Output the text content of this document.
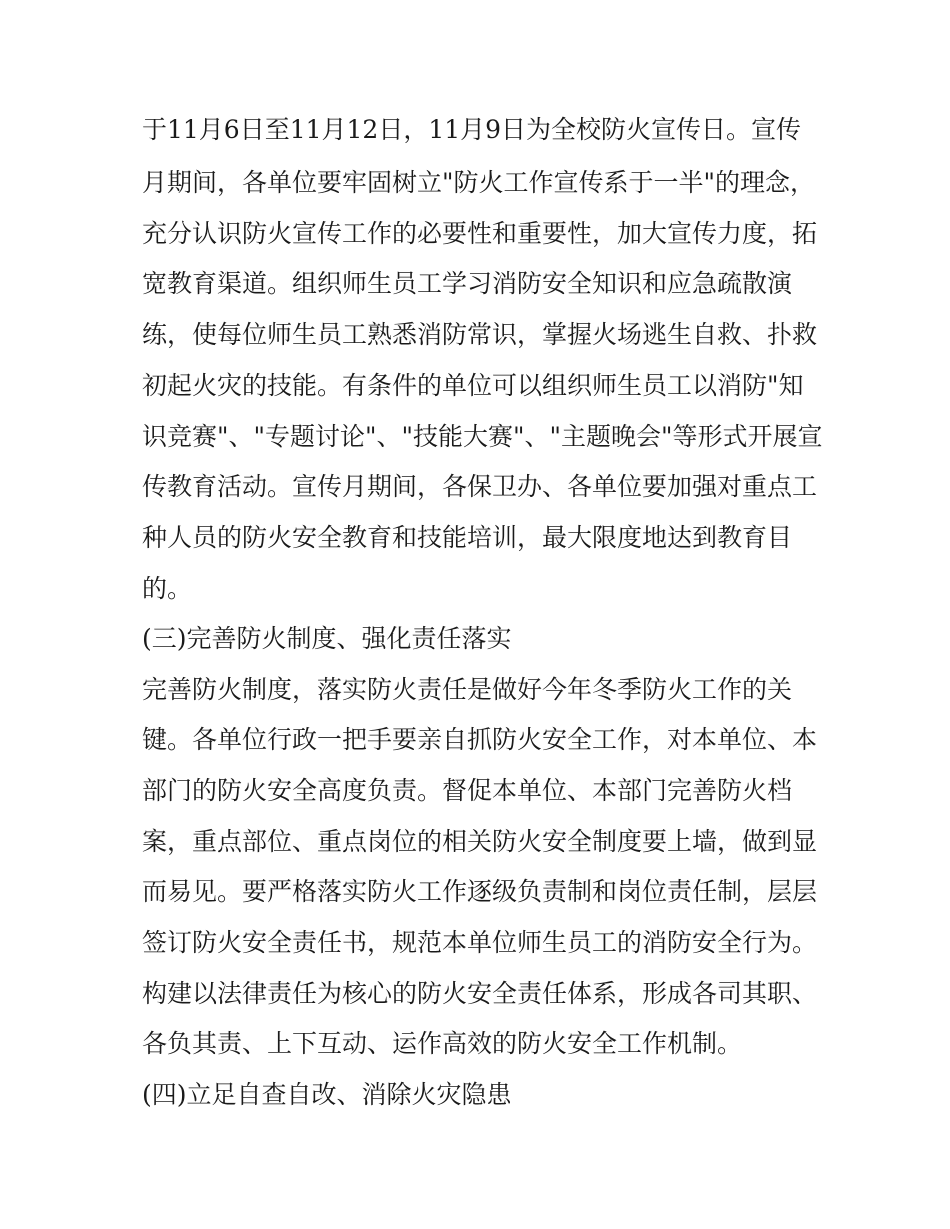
于11月6日至11月12日，11月9日为全校防火宣传日。宣传
月期间，各单位要牢固树立"防火工作宣传系于一半"的理念，
充分认识防火宣传工作的必要性和重要性，加大宣传力度，拓
宽教育渠道。组织师生员工学习消防安全知识和应急疏散演
练，使每位师生员工熟悉消防常识，掌握火场逃生自救、扑救
初起火灾的技能。有条件的单位可以组织师生员工以消防"知
识竞赛"、"专题讨论"、"技能大赛"、"主题晚会"等形式开展宣
传教育活动。宣传月期间，各保卫办、各单位要加强对重点工
种人员的防火安全教育和技能培训，最大限度地达到教育目
的。
(三)完善防火制度、强化责任落实
完善防火制度，落实防火责任是做好今年冬季防火工作的关
键。各单位行政一把手要亲自抓防火安全工作，对本单位、本
部门的防火安全高度负责。督促本单位、本部门完善防火档
案，重点部位、重点岗位的相关防火安全制度要上墙，做到显
而易见。要严格落实防火工作逐级负责制和岗位责任制，层层
签订防火安全责任书，规范本单位师生员工的消防安全行为。
构建以法律责任为核心的防火安全责任体系，形成各司其职、
各负其责、上下互动、运作高效的防火安全工作机制。
(四)立足自查自改、消除火灾隐患
